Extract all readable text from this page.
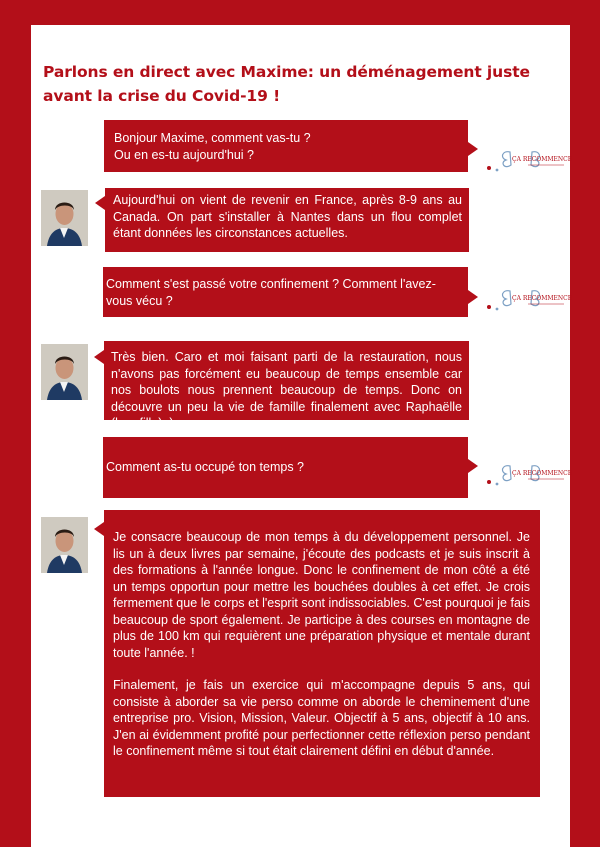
Parlons en direct avec Maxime: un déménagement juste avant la crise du Covid-19 !
Bonjour Maxime, comment vas-tu ?
Ou en es-tu aujourd'hui ?	ÇA RECOMMENCE
Aujourd'hui on vient de revenir en France, après 8-9 ans au Canada. On part s'installer à Nantes dans un flou complet étant données les circonstances actuelles.
Comment s'est passé votre confinement ? Comment l'avez-vous vécu ?	ÇA RECOMMENCE
Très bien. Caro et moi faisant parti de la restauration, nous n'avons pas forcément eu beaucoup de temps ensemble car nos boulots nous prennent beaucoup de temps. Donc on découvre un peu la vie de famille finalement avec Raphaëlle (leur fille) :)
Comment as-tu occupé ton temps ?	ÇA RECOMMENCE
Je consacre beaucoup de mon temps à du développement personnel. Je lis un à deux livres par semaine, j'écoute des podcasts et je suis inscrit à des formations à l'année longue. Donc le confinement de mon côté a été un temps opportun pour mettre les bouchées doubles à cet effet. Je crois fermement que le corps et l'esprit sont indissociables. C'est pourquoi je fais beaucoup de sport également. Je participe à des courses en montagne de plus de 100 km qui requièrent une préparation physique et mentale durant toute l'année. !
Finalement, je fais un exercice qui m'accompagne depuis 5 ans, qui consiste à aborder sa vie perso comme on aborde le cheminement d'une entreprise pro. Vision, Mission, Valeur. Objectif à 5 ans, objectif à 10 ans. J'en ai évidemment profité pour perfectionner cette réflexion perso pendant le confinement même si tout était clairement défini en début d'année.
